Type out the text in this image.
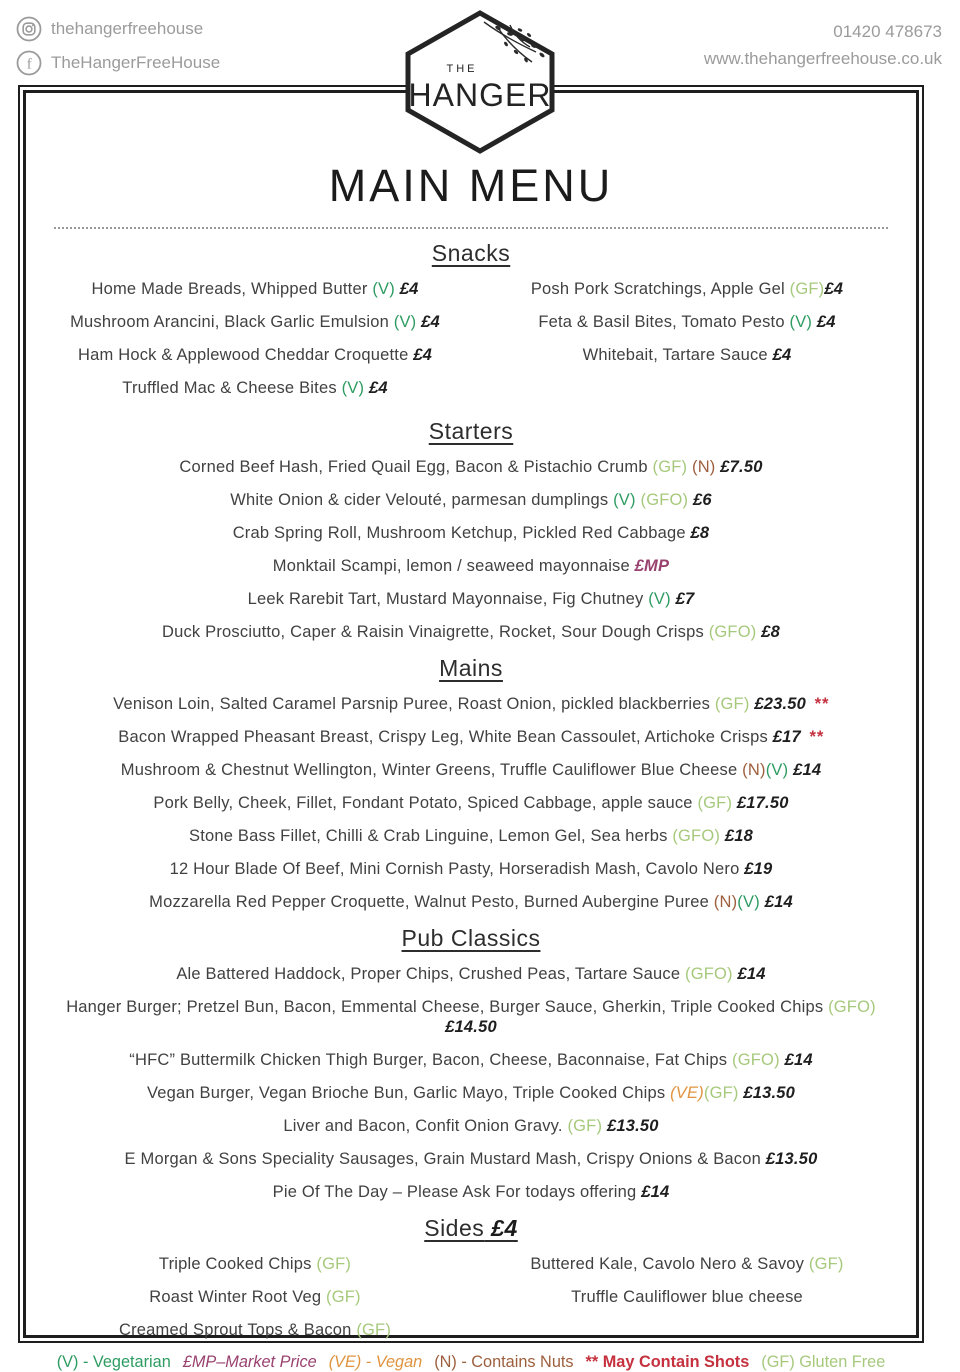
thehangerfreehouse
f TheHangerFreeHouse
01420 478673
www.thehangerfreehouse.co.uk
THE
HANGER
MAIN MENU
Snacks
Home Made Breads, Whipped Butter (V) £4
Mushroom Arancini, Black Garlic Emulsion (V) £4
Ham Hock & Applewood Cheddar Croquette £4
Truffled Mac & Cheese Bites (V) £4
Posh Pork Scratchings, Apple Gel (GF)£4
Feta & Basil Bites, Tomato Pesto (V) £4
Whitebait, Tartare Sauce £4
Starters
Corned Beef Hash, Fried Quail Egg, Bacon & Pistachio Crumb (GF) (N) £7.50
White Onion & cider Velouté, parmesan dumplings (V) (GFO) £6
Crab Spring Roll, Mushroom Ketchup, Pickled Red Cabbage £8
Monktail Scampi, lemon / seaweed mayonnaise £MP
Leek Rarebit Tart, Mustard Mayonnaise, Fig Chutney (V) £7
Duck Prosciutto, Caper & Raisin Vinaigrette, Rocket, Sour Dough Crisps (GFO) £8
Mains
Venison Loin, Salted Caramel Parsnip Puree, Roast Onion, pickled blackberries (GF) £23.50 **
Bacon Wrapped Pheasant Breast, Crispy Leg, White Bean Cassoulet, Artichoke Crisps £17 **
Mushroom & Chestnut Wellington, Winter Greens, Truffle Cauliflower Blue Cheese (N)(V) £14
Pork Belly, Cheek, Fillet, Fondant Potato, Spiced Cabbage, apple sauce (GF) £17.50
Stone Bass Fillet, Chilli & Crab Linguine, Lemon Gel, Sea herbs (GFO) £18
12 Hour Blade Of Beef, Mini Cornish Pasty, Horseradish Mash, Cavolo Nero £19
Mozzarella Red Pepper Croquette, Walnut Pesto, Burned Aubergine Puree (N)(V) £14
Pub Classics
Ale Battered Haddock, Proper Chips, Crushed Peas, Tartare Sauce (GFO) £14
Hanger Burger; Pretzel Bun, Bacon, Emmental Cheese, Burger Sauce, Gherkin, Triple Cooked Chips (GFO) £14.50
“HFC” Buttermilk Chicken Thigh Burger, Bacon, Cheese, Baconnaise, Fat Chips (GFO) £14
Vegan Burger, Vegan Brioche Bun, Garlic Mayo, Triple Cooked Chips (VE)(GF) £13.50
Liver and Bacon, Confit Onion Gravy. (GF) £13.50
E Morgan & Sons Speciality Sausages, Grain Mustard Mash, Crispy Onions & Bacon £13.50
Pie Of The Day – Please Ask For todays offering £14
Sides £4
Triple Cooked Chips (GF)
Roast Winter Root Veg (GF)
Creamed Sprout Tops & Bacon (GF)
Buttered Kale, Cavolo Nero & Savoy (GF)
Truffle Cauliflower blue cheese
(V) - Vegetarian £MP–Market Price (VE) - Vegan (N) - Contains Nuts ** May Contain Shots (GF) Gluten Free
